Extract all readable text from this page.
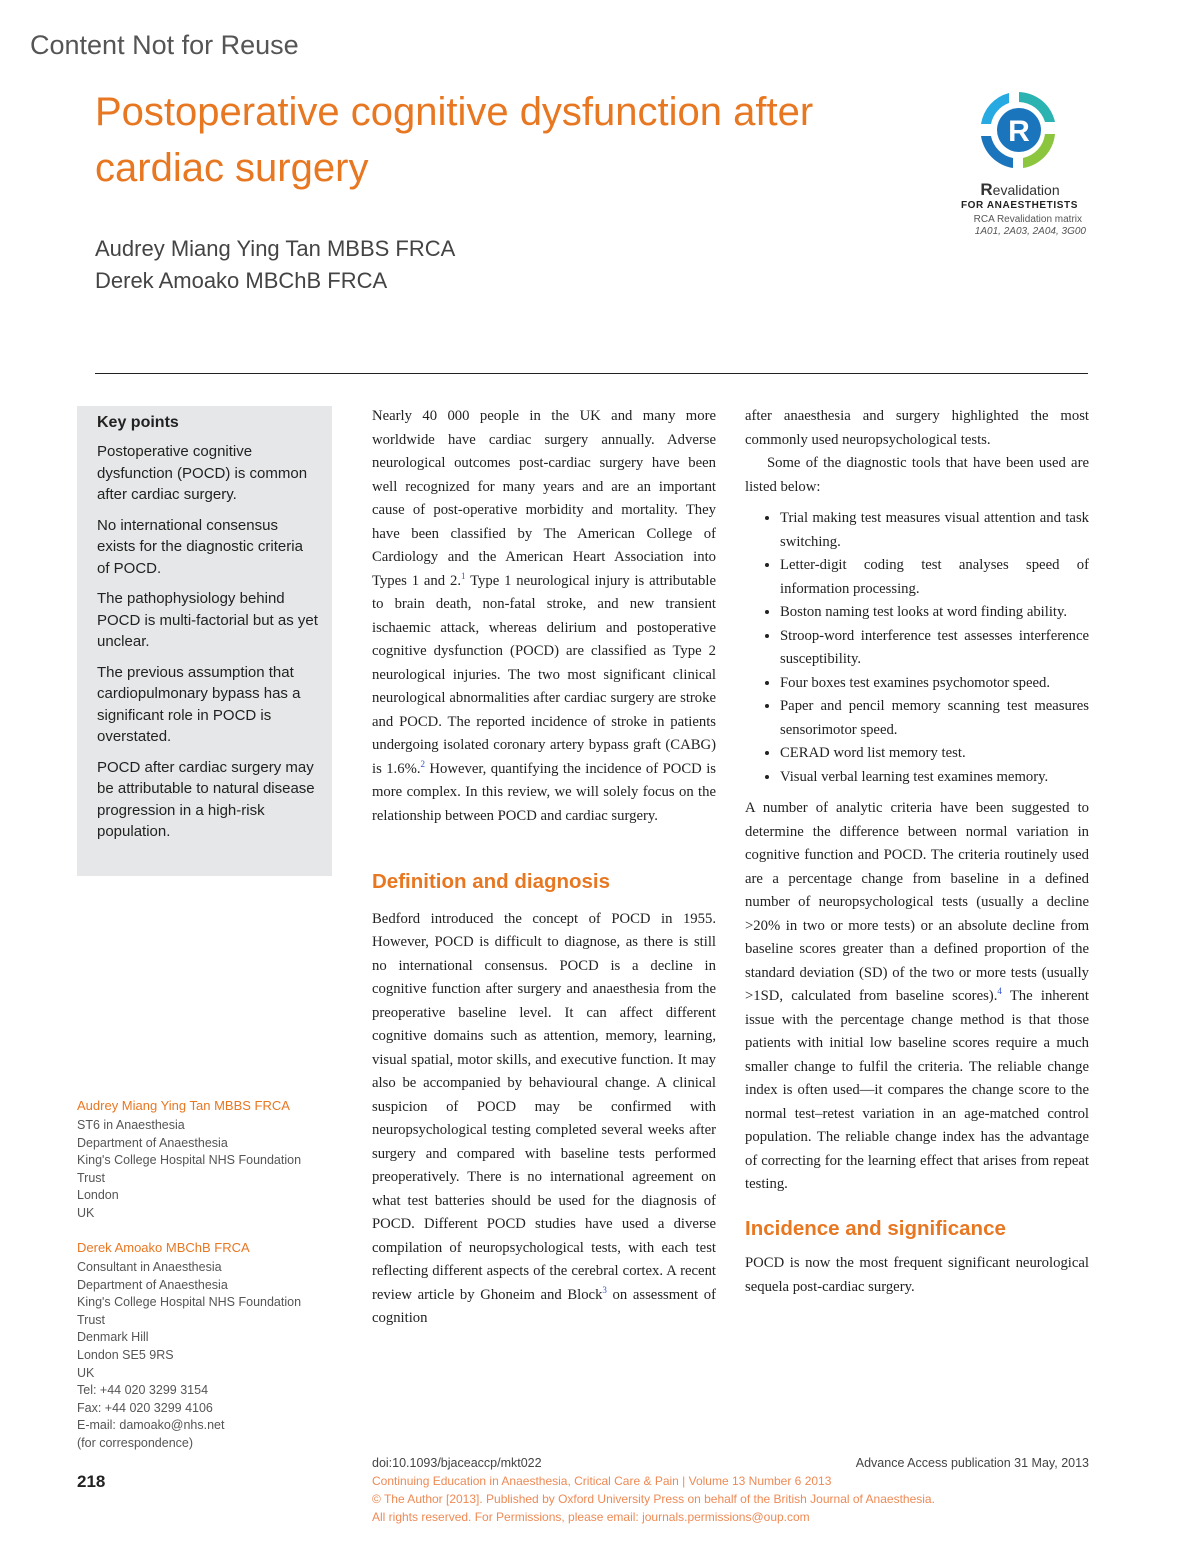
Content Not for Reuse
Postoperative cognitive dysfunction after
cardiac surgery
Audrey Miang Ying Tan MBBS FRCA
Derek Amoako MBChB FRCA
R
Revalidation
FOR ANAESTHETISTS
RCA Revalidation matrix
1A01, 2A03, 2A04, 3G00
Key points

Postoperative cognitive dysfunction (POCD) is common after cardiac surgery.

No international consensus exists for the diagnostic criteria of POCD.

The pathophysiology behind POCD is multi-factorial but as yet unclear.

The previous assumption that cardiopulmonary bypass has a significant role in POCD is overstated.

POCD after cardiac surgery may be attributable to natural disease progression in a high-risk population.

Audrey Miang Ying Tan MBBS FRCA
ST6 in Anaesthesia
Department of Anaesthesia
King's College Hospital NHS Foundation
Trust
London
UK
Derek Amoako MBChB FRCA
Consultant in Anaesthesia
Department of Anaesthesia
King's College Hospital NHS Foundation
Trust
Denmark Hill
London SE5 9RS
UK
Tel: +44 020 3299 3154
Fax: +44 020 3299 4106
E-mail: damoako@nhs.net
(for correspondence)

Nearly 40 000 people in the UK and many more worldwide have cardiac surgery annually. Adverse neurological outcomes post-cardiac surgery have been well recognized for many years and are an important cause of post-operative morbidity and mortality. They have been classified by The American College of Cardiology and the American Heart Association into Types 1 and 2.$^1$ Type 1 neurological injury is attributable to brain death, non-fatal stroke, and new transient ischaemic attack, whereas delirium and postoperative cognitive dysfunction (POCD) are classified as Type 2 neurological injuries. The two most significant clinical neurological abnormalities after cardiac surgery are stroke and POCD. The reported incidence of stroke in patients undergoing isolated coronary artery bypass graft (CABG) is 1.6%.$^2$ However, quantifying the incidence of POCD is more complex. In this review, we will solely focus on the relationship between POCD and cardiac surgery.

Definition and diagnosis

Bedford introduced the concept of POCD in 1955. However, POCD is difficult to diagnose, as there is still no international consensus. POCD is a decline in cognitive function after surgery and anaesthesia from the preoperative baseline level. It can affect different cognitive domains such as attention, memory, learning, visual spatial, motor skills, and executive function. It may also be accompanied by behavioural change. A clinical suspicion of POCD may be confirmed with neuropsychological testing completed several weeks after surgery and compared with baseline tests performed preoperatively. There is no international agreement on what test batteries should be used for the diagnosis of POCD. Different POCD studies have used a diverse compilation of neuropsychological tests, with each test reflecting different aspects of the cerebral cortex. A recent review article by Ghoneim and Block$^3$ on assessment of cognition

after anaesthesia and surgery highlighted the most commonly used neuropsychological tests.

Some of the diagnostic tools that have been used are listed below:

• Trial making test measures visual attention and task switching.
• Letter-digit coding test analyses speed of information processing.
• Boston naming test looks at word finding ability.
• Stroop-word interference test assesses interference susceptibility.
• Four boxes test examines psychomotor speed.
• Paper and pencil memory scanning test measures sensorimotor speed.
• CERAD word list memory test.
• Visual verbal learning test examines memory.

A number of analytic criteria have been suggested to determine the difference between normal variation in cognitive function and POCD. The criteria routinely used are a percentage change from baseline in a defined number of neuropsychological tests (usually a decline >20% in two or more tests) or an absolute decline from baseline scores greater than a defined proportion of the standard deviation (SD) of the two or more tests (usually >1SD, calculated from baseline scores).$^4$ The inherent issue with the percentage change method is that those patients with initial low baseline scores require a much smaller change to fulfil the criteria. The reliable change index is often used—it compares the change score to the normal test–retest variation in an age-matched control population. The reliable change index has the advantage of correcting for the learning effect that arises from repeat testing.

Incidence and significance

POCD is now the most frequent significant neurological sequela post-cardiac surgery.

218
doi:10.1093/bjaceaccp/mkt022	Advance Access publication 31 May, 2013
Continuing Education in Anaesthesia, Critical Care & Pain | Volume 13 Number 6 2013
© The Author [2013]. Published by Oxford University Press on behalf of the British Journal of Anaesthesia.
All rights reserved. For Permissions, please email: journals.permissions@oup.com
